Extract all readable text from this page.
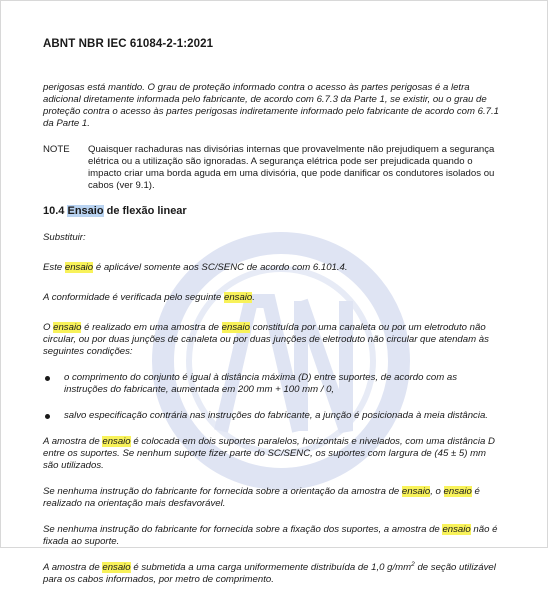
ABNT NBR IEC 61084-2-1:2021

perigosas está mantido. O grau de proteção informado contra o acesso às partes perigosas é a letra adicional diretamente informada pelo fabricante, de acordo com 6.7.3 da Parte 1, se existir, ou o grau de proteção contra o acesso às partes perigosas indiretamente informado pelo fabricante de acordo com 6.7.1 da Parte 1.

NOTE	Quaisquer rachaduras nas divisórias internas que provavelmente não prejudiquem a segurança elétrica ou a utilização são ignoradas. A segurança elétrica pode ser prejudicada quando o impacto criar uma borda aguda em uma divisória, que pode danificar os condutores isolados ou cabos (ver 9.1).
10.4 Ensaio de flexão linear

Substituir:

Este ensaio é aplicável somente aos SC/SENC de acordo com 6.101.4.

A conformidade é verificada pelo seguinte ensaio.

O ensaio é realizado em uma amostra de ensaio constituída por uma canaleta ou por um eletroduto não circular, ou por duas junções de canaleta ou por duas junções de eletroduto não circular que atendam às seguintes condições:

o comprimento do conjunto é igual à distância máxima (D) entre suportes, de acordo com as instruções do fabricante, aumentada em 200 mm + 100 mm / 0,
salvo especificação contrária nas instruções do fabricante, a junção é posicionada à meia distância.

A amostra de ensaio é colocada em dois suportes paralelos, horizontais e nivelados, com uma distância D entre os suportes. Se nenhum suporte fizer parte do SC/SENC, os suportes com largura de (45 ± 5) mm são utilizados.

Se nenhuma instrução do fabricante for fornecida sobre a orientação da amostra de ensaio, o ensaio é realizado na orientação mais desfavorável.

Se nenhuma instrução do fabricante for fornecida sobre a fixação dos suportes, a amostra de ensaio não é fixada ao suporte.

A amostra de ensaio é submetida a uma carga uniformemente distribuída de 1,0 $g/mm^2$ de seção utilizável para os cabos informados, por metro de comprimento.
